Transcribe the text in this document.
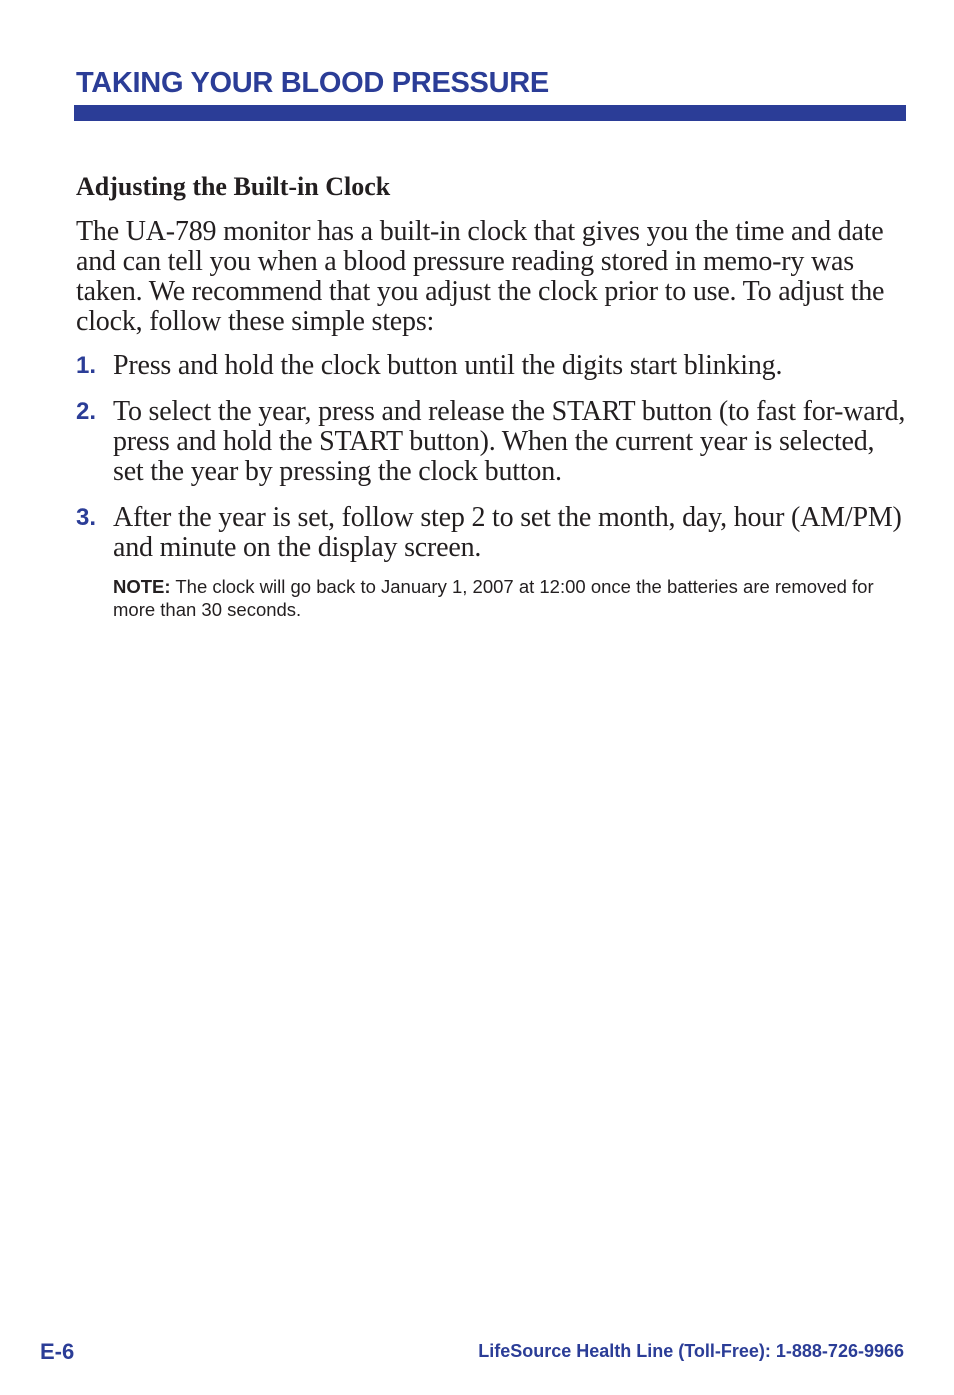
TAKING YOUR BLOOD PRESSURE
Adjusting the Built-in Clock

The UA-789 monitor has a built-in clock that gives you the time and date and can tell you when a blood pressure reading stored in memo-ry was taken. We recommend that you adjust the clock prior to use. To adjust the clock, follow these simple steps:

1. Press and hold the clock button until the digits start blinking.
2. To select the year, press and release the START button (to fast for-ward, press and hold the START button). When the current year is selected, set the year by pressing the clock button.
3. After the year is set, follow step 2 to set the month, day, hour (AM/PM) and minute on the display screen.

NOTE: The clock will go back to January 1, 2007 at 12:00 once the batteries are removed for more than 30 seconds.

E-6	LifeSource Health Line (Toll-Free): 1-888-726-9966
